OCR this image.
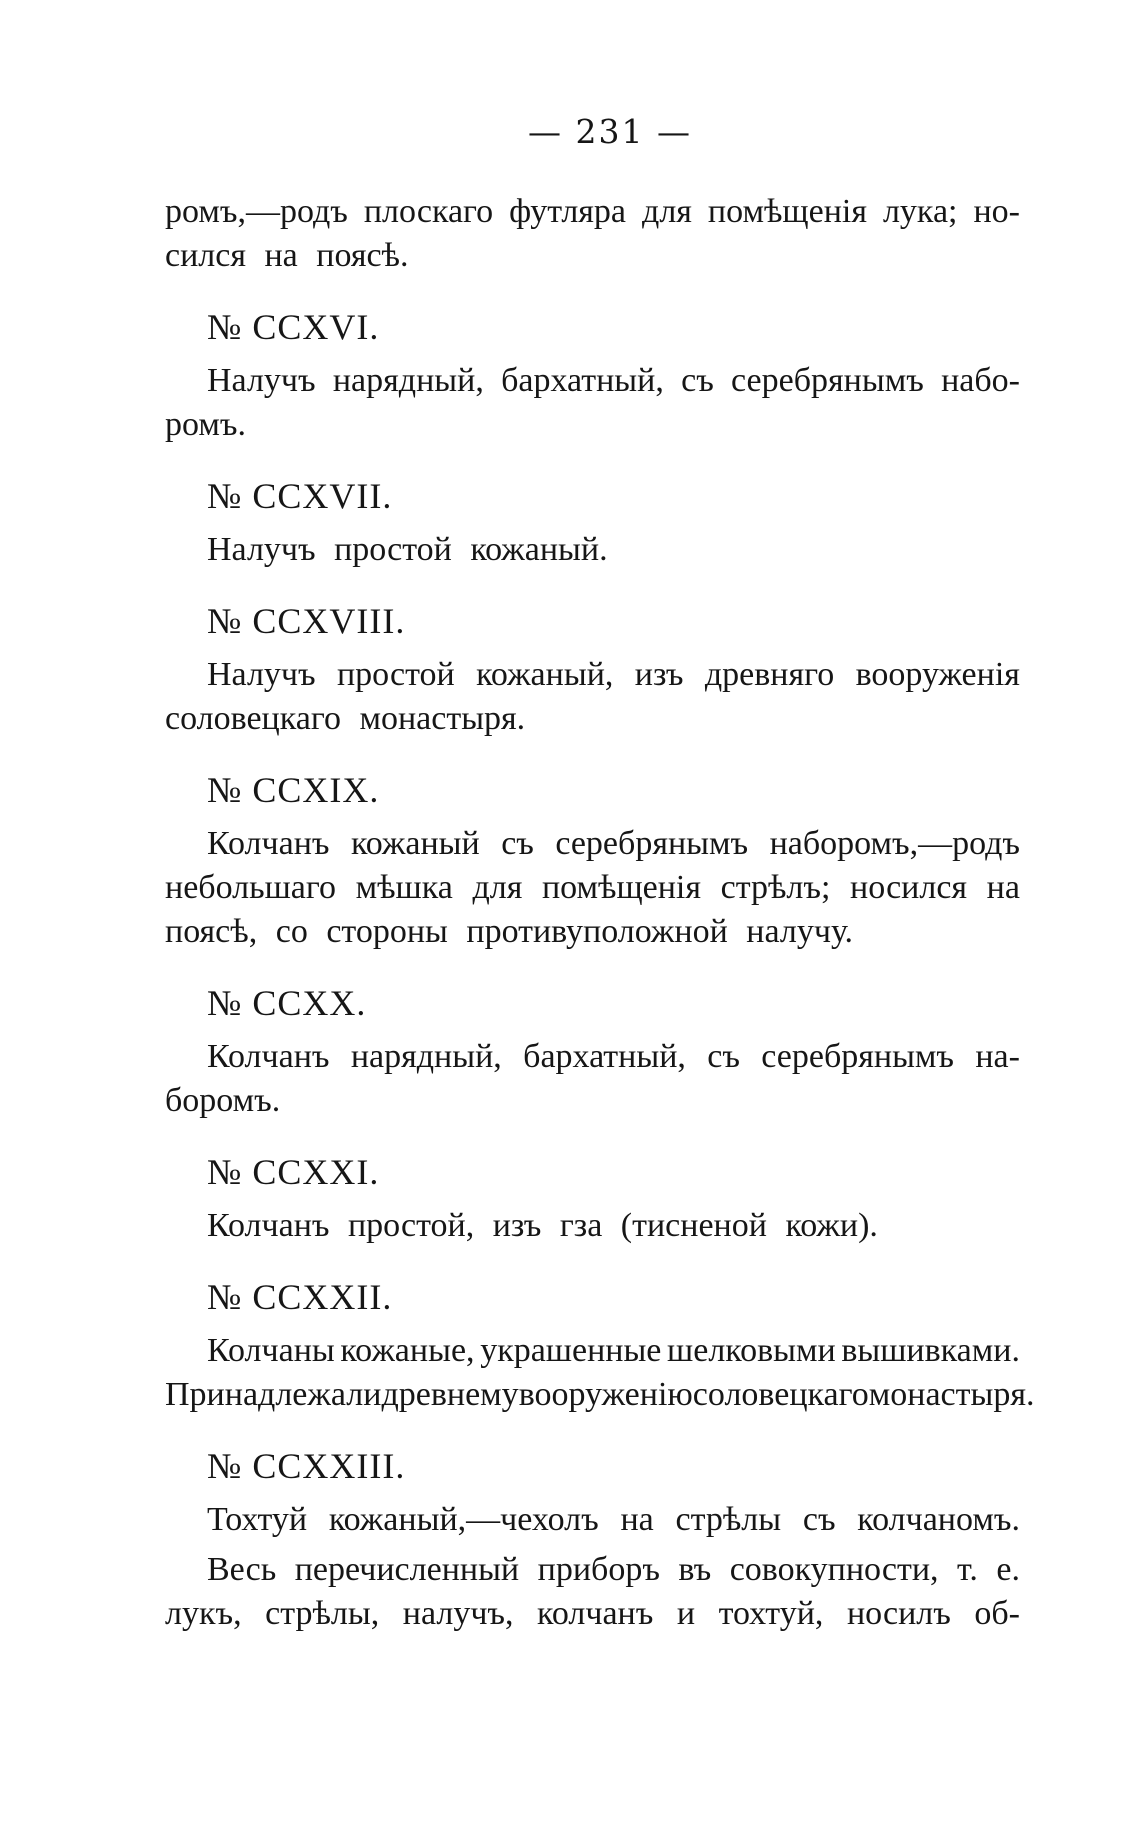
— 231 —
ромъ,—родъ плоскаго футляра для помѣщенія лука; но-
сился на поясѣ.
№ CCXVI.
Налучъ нарядный, бархатный, съ серебрянымъ набо-
ромъ.
№ CCXVII.
Налучъ простой кожаный.
№ CCXVIII.
Налучъ простой кожаный, изъ древняго вооруженія
соловецкаго монастыря.
№ CCXIX.
Колчанъ кожаный съ серебрянымъ наборомъ,—родъ
небольшаго мѣшка для помѣщенія стрѣлъ; носился на
поясѣ, со стороны противуположной налучу.
№ CCXX.
Колчанъ нарядный, бархатный, съ серебрянымъ на-
боромъ.
№ CCXXI.
Колчанъ простой, изъ гза (тисненой кожи).
№ CCXXII.
Колчаны кожаные, украшенные шелковыми вышивками.
Принадлежали древнему вооруженію соловецкаго монастыря.
№ CCXXIII.
Тохтуй кожаный,—чехолъ на стрѣлы съ колчаномъ.
Весь перечисленный приборъ въ совокупности, т. е.
лукъ, стрѣлы, налучъ, колчанъ и тохтуй, носилъ об-
